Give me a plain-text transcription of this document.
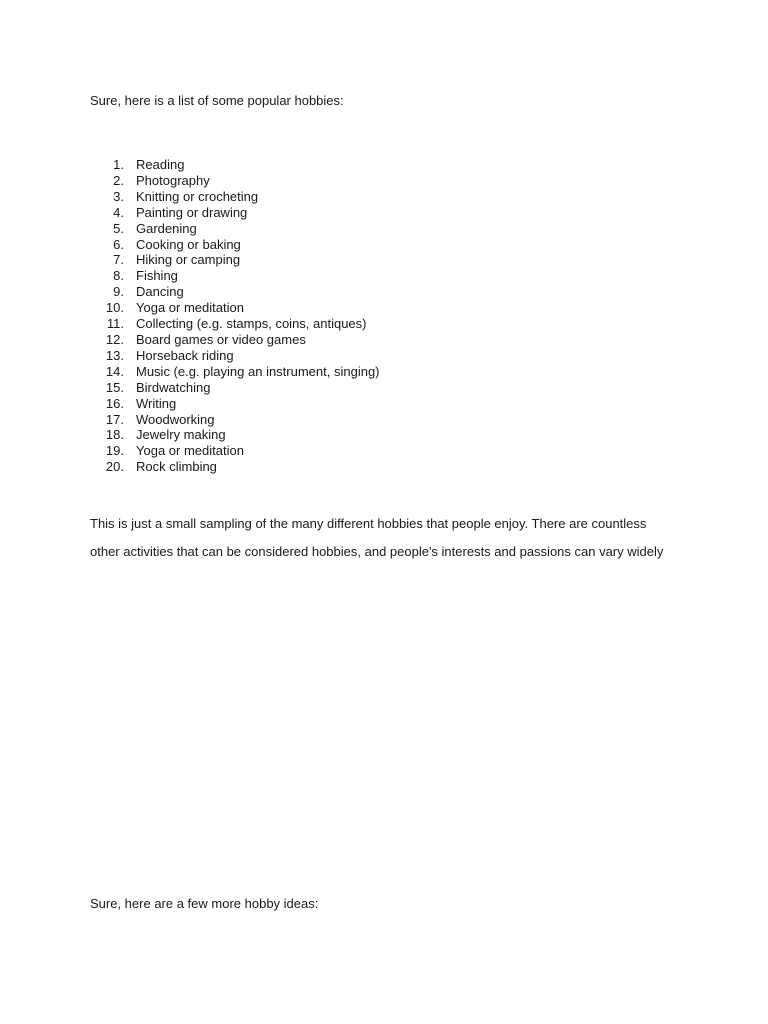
Sure, here is a list of some popular hobbies:

1. Reading
2. Photography
3. Knitting or crocheting
4. Painting or drawing
5. Gardening
6. Cooking or baking
7. Hiking or camping
8. Fishing
9. Dancing
10. Yoga or meditation
11. Collecting (e.g. stamps, coins, antiques)
12. Board games or video games
13. Horseback riding
14. Music (e.g. playing an instrument, singing)
15. Birdwatching
16. Writing
17. Woodworking
18. Jewelry making
19. Yoga or meditation
20. Rock climbing

This is just a small sampling of the many different hobbies that people enjoy. There are countless
other activities that can be considered hobbies, and people's interests and passions can vary widely

Sure, here are a few more hobby ideas:
